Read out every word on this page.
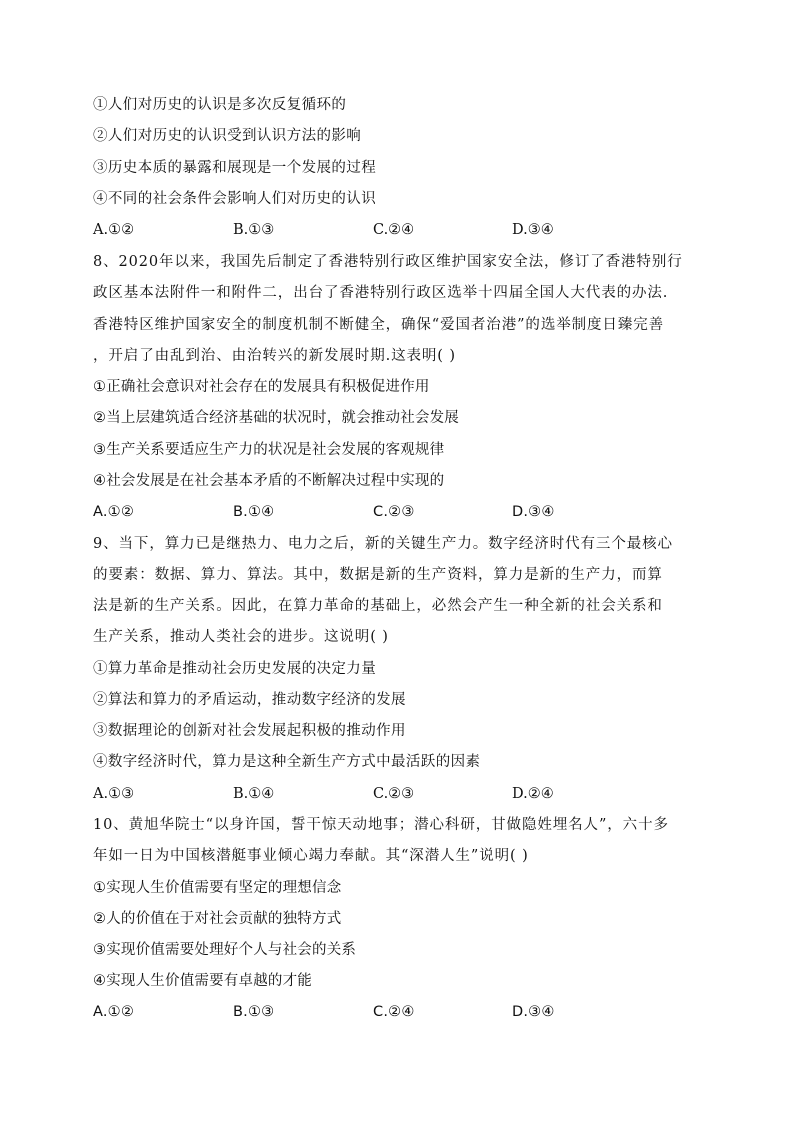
①人们对历史的认识是多次反复循环的
②人们对历史的认识受到认识方法的影响
③历史本质的暴露和展现是一个发展的过程
④不同的社会条件会影响人们对历史的认识
A.①②	B.①③	C.②④	D.③④
8、2020年以来，我国先后制定了香港特别行政区维护国家安全法，修订了香港特别行
政区基本法附件一和附件二，出台了香港特别行政区选举十四届全国人大代表的办法.
香港特区维护国家安全的制度机制不断健全，确保“爱国者治港”的选举制度日臻完善
，开启了由乱到治、由治转兴的新发展时期.这表明( )
①正确社会意识对社会存在的发展具有积极促进作用
②当上层建筑适合经济基础的状况时，就会推动社会发展
③生产关系要适应生产力的状况是社会发展的客观规律
④社会发展是在社会基本矛盾的不断解决过程中实现的
A.①②	B.①④	C.②③	D.③④
9、当下，算力已是继热力、电力之后，新的关键生产力。数字经济时代有三个最核心
的要素：数据、算力、算法。其中，数据是新的生产资料，算力是新的生产力，而算
法是新的生产关系。因此，在算力革命的基础上，必然会产生一种全新的社会关系和
生产关系，推动人类社会的进步。这说明( )
①算力革命是推动社会历史发展的决定力量
②算法和算力的矛盾运动，推动数字经济的发展
③数据理论的创新对社会发展起积极的推动作用
④数字经济时代，算力是这种全新生产方式中最活跃的因素
A.①③	B.①④	C.②③	D.②④
10、黄旭华院士“以身许国，誓干惊天动地事；潜心科研，甘做隐姓埋名人”，六十多
年如一日为中国核潜艇事业倾心竭力奉献。其“深潜人生”说明( )
①实现人生价值需要有坚定的理想信念
②人的价值在于对社会贡献的独特方式
③实现价值需要处理好个人与社会的关系
④实现人生价值需要有卓越的才能
A.①②	B.①③	C.②④	D.③④
